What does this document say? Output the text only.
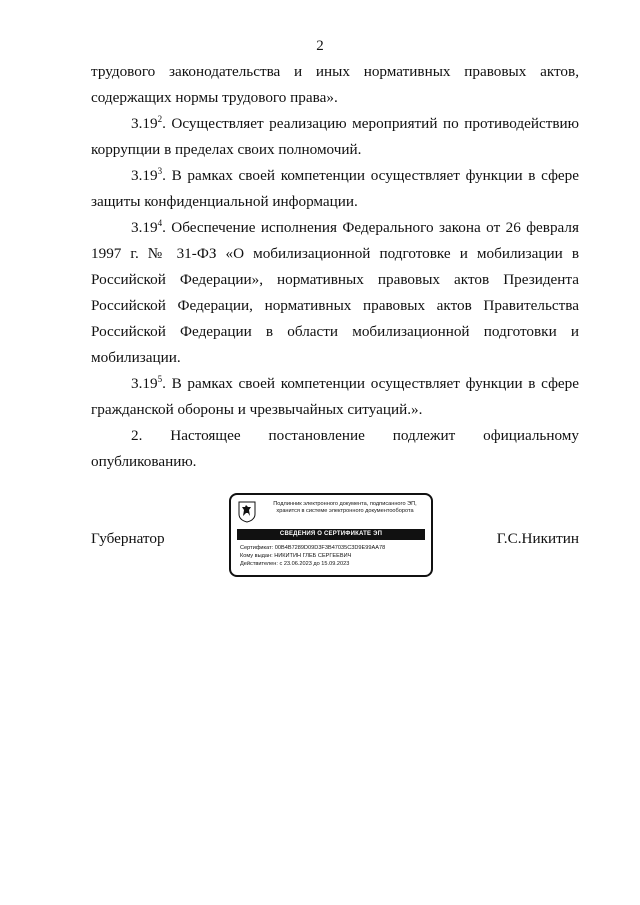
2

трудового законодательства и иных нормативных правовых актов,

содержащих нормы трудового права».

3.19$^2$. Осуществляет реализацию мероприятий по противодействию коррупции в пределах своих полномочий.

3.19$^3$. В рамках своей компетенции осуществляет функции в сфере защиты конфиденциальной информации.

3.19$^4$. Обеспечение исполнения Федерального закона от 26 февраля 1997 г. № 31-ФЗ «О мобилизационной подготовке и мобилизации в Российской Федерации», нормативных правовых актов Президента Российской Федерации, нормативных правовых актов Правительства Российской Федерации в области мобилизационной подготовки и мобилизации.

3.19$^5$. В рамках своей компетенции осуществляет функции в сфере гражданской обороны и чрезвычайных ситуаций.».

2. Настоящее постановление подлежит официальному опубликованию.

Губернатор	Г.С.Никитин
Подлинник электронного документа, подписанного ЭП,
хранится в системе электронного документооборота
СВЕДЕНИЯ О СЕРТИФИКАТЕ ЭП
Сертификат: 00B4B7289D09D3F3B47035C3D9E99AA78
Кому выдан: НИКИТИН ГЛЕБ СЕРГЕЕВИЧ
Действителен: с 23.06.2023 до 15.09.2023
